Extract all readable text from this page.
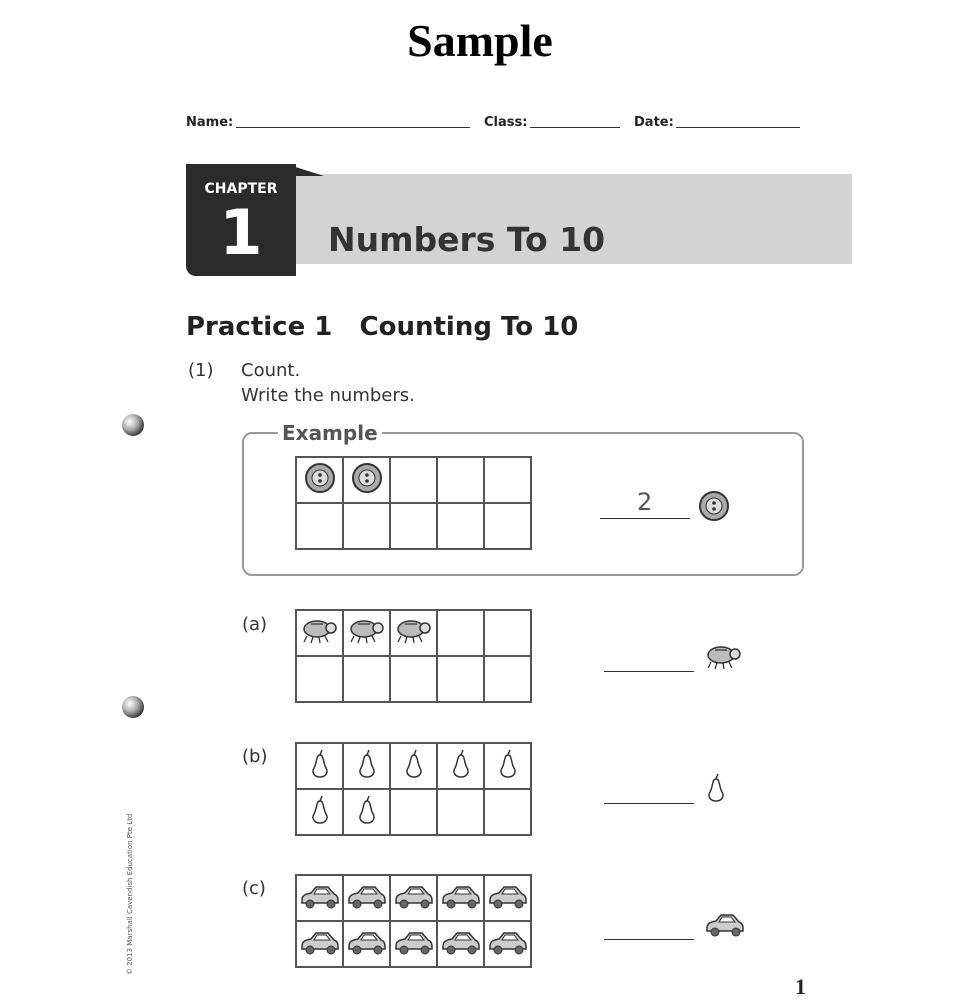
Sample
Name:	Class:	Date:
CHAPTER
1	Numbers To 10
Practice 1   Counting To 10
(1) Count.
Write the numbers.
Example
2
(a)
(b)
(c)
© 2013 Marshall Cavendish Education Pte Ltd
1
